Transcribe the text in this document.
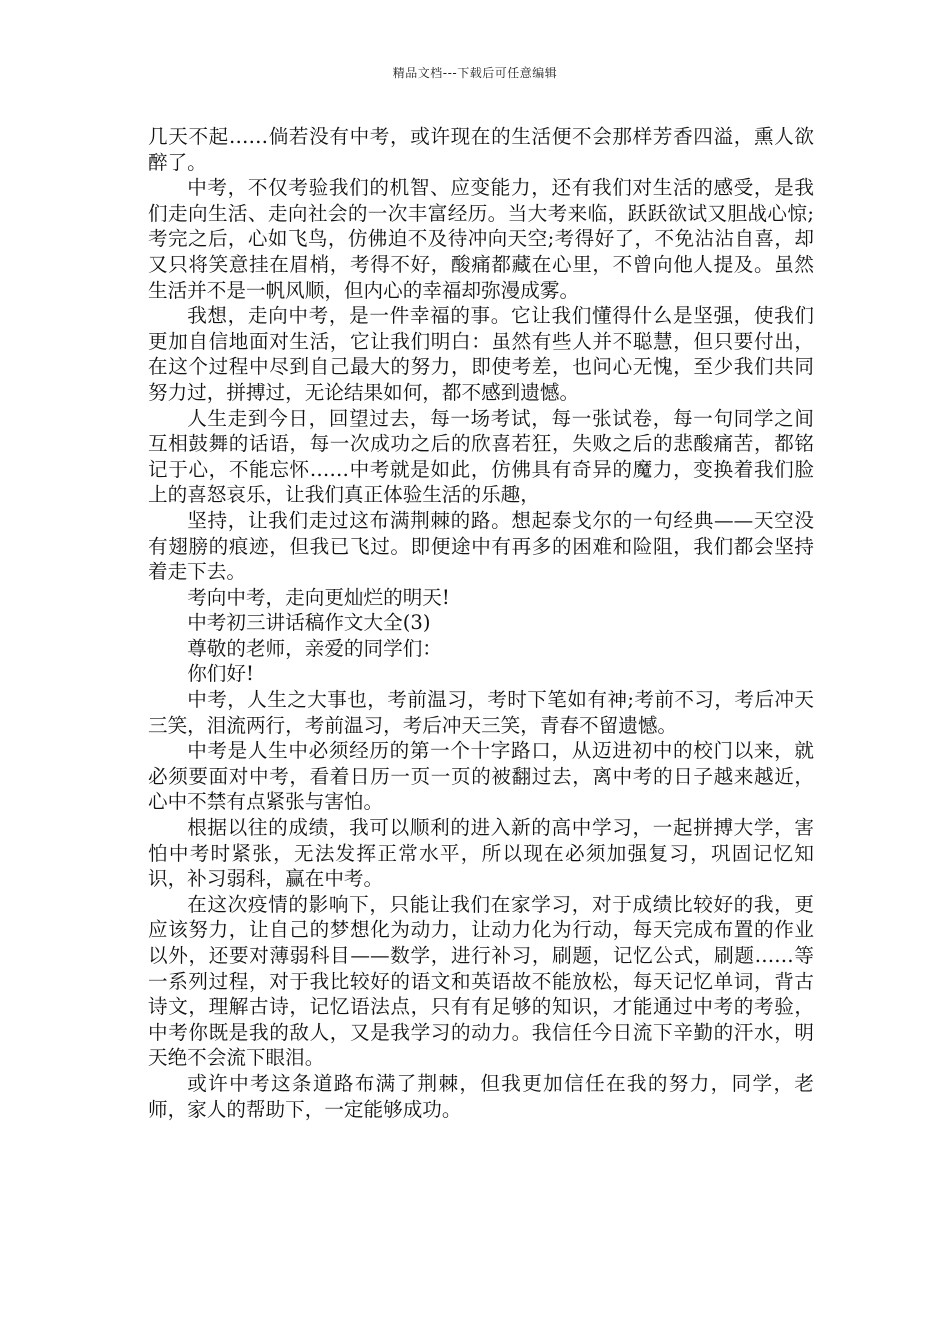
精品文档---下载后可任意编辑

几天不起……倘若没有中考，或许现在的生活便不会那样芳香四溢，熏人欲醉了。

中考，不仅考验我们的机智、应变能力，还有我们对生活的感受，是我们走向生活、走向社会的一次丰富经历。当大考来临，跃跃欲试又胆战心惊;考完之后，心如飞鸟，仿佛迫不及待冲向天空;考得好了，不免沾沾自喜，却又只将笑意挂在眉梢，考得不好，酸痛都藏在心里，不曾向他人提及。虽然生活并不是一帆风顺，但内心的幸福却弥漫成雾。

我想，走向中考，是一件幸福的事。它让我们懂得什么是坚强，使我们更加自信地面对生活，它让我们明白：虽然有些人并不聪慧，但只要付出，在这个过程中尽到自己最大的努力，即使考差，也问心无愧，至少我们共同努力过，拼搏过，无论结果如何，都不感到遗憾。

人生走到今日，回望过去，每一场考试，每一张试卷，每一句同学之间互相鼓舞的话语，每一次成功之后的欣喜若狂，失败之后的悲酸痛苦，都铭记于心，不能忘怀……中考就是如此，仿佛具有奇异的魔力，变换着我们脸上的喜怒哀乐，让我们真正体验生活的乐趣，

坚持，让我们走过这布满荆棘的路。想起泰戈尔的一句经典——天空没有翅膀的痕迹，但我已飞过。即便途中有再多的困难和险阻，我们都会坚持着走下去。

考向中考，走向更灿烂的明天!

中考初三讲话稿作文大全(3)

尊敬的老师，亲爱的同学们：

你们好!

中考，人生之大事也，考前温习，考时下笔如有神;考前不习，考后冲天三笑，泪流两行，考前温习，考后冲天三笑，青春不留遗憾。

中考是人生中必须经历的第一个十字路口，从迈进初中的校门以来，就必须要面对中考，看着日历一页一页的被翻过去，离中考的日子越来越近，心中不禁有点紧张与害怕。

根据以往的成绩，我可以顺利的进入新的高中学习，一起拼搏大学，害怕中考时紧张，无法发挥正常水平，所以现在必须加强复习，巩固记忆知识，补习弱科，赢在中考。

在这次疫情的影响下，只能让我们在家学习，对于成绩比较好的我，更应该努力，让自己的梦想化为动力，让动力化为行动，每天完成布置的作业以外，还要对薄弱科目——数学，进行补习，刷题，记忆公式，刷题……等一系列过程，对于我比较好的语文和英语故不能放松，每天记忆单词，背古诗文，理解古诗，记忆语法点，只有有足够的知识，才能通过中考的考验，中考你既是我的敌人，又是我学习的动力。我信任今日流下辛勤的汗水，明天绝不会流下眼泪。

或许中考这条道路布满了荆棘，但我更加信任在我的努力，同学，老师，家人的帮助下，一定能够成功。
